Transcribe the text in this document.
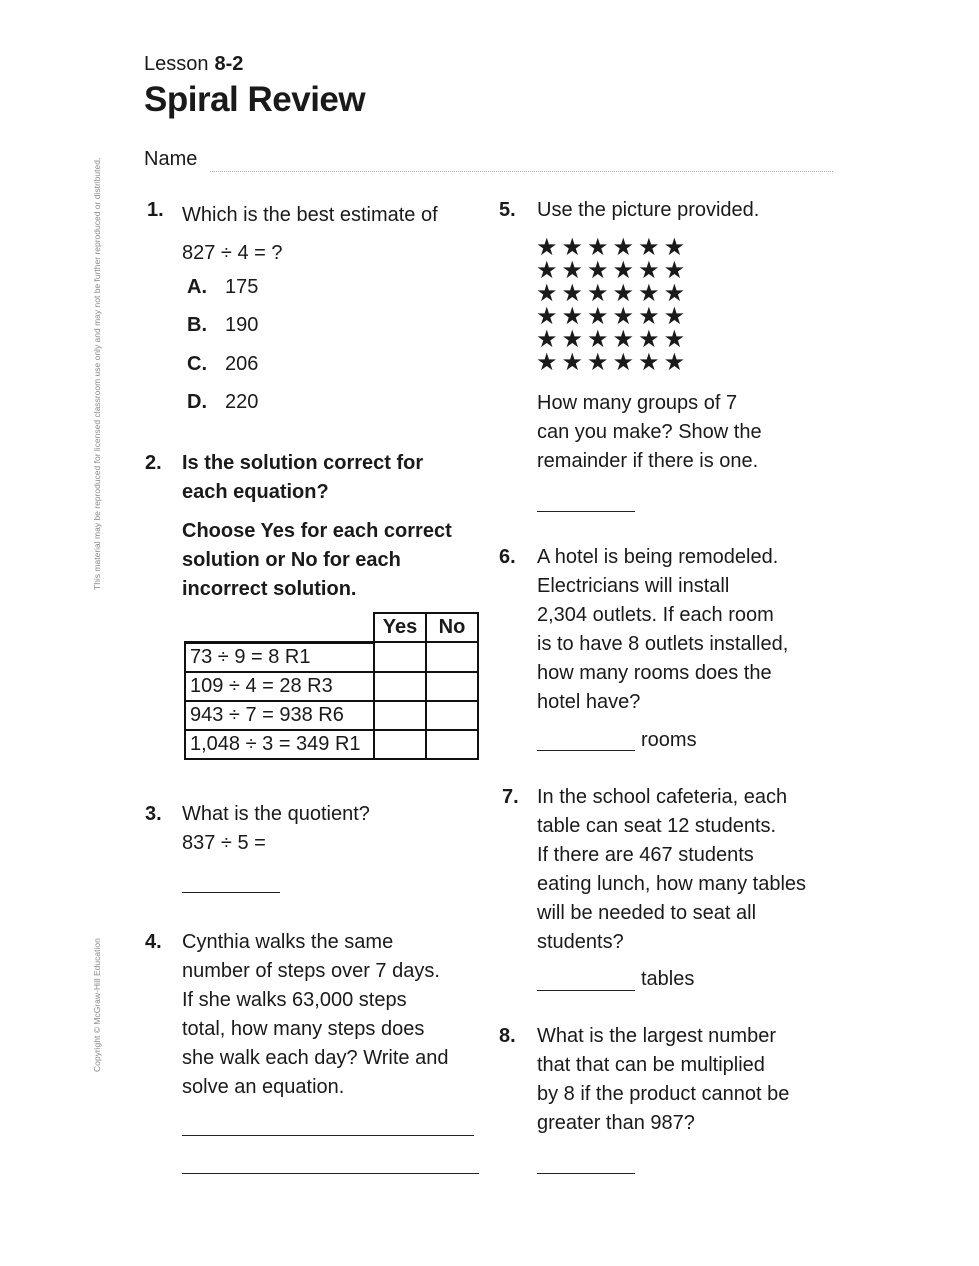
Lesson 8-2
Spiral Review
Name
This material may be reproduced for licensed classroom use only and may not be further reproduced or distributed.
Copyright © McGraw-Hill Education
1. Which is the best estimate of
827 ÷ 4 = ?
A. 175
B. 190
C. 206
D. 220
2. Is the solution correct for
each equation?
Choose Yes for each correct
solution or No for each
incorrect solution.
	Yes	No
73 ÷ 9 = 8 R1		
109 ÷ 4 = 28 R3		
943 ÷ 7 = 938 R6		
1,048 ÷ 3 = 349 R1		
3. What is the quotient?
837 ÷ 5 =
4. Cynthia walks the same
number of steps over 7 days.
If she walks 63,000 steps
total, how many steps does
she walk each day? Write and
solve an equation.
5. Use the picture provided.
★★★★★★
★★★★★★
★★★★★★
★★★★★★
★★★★★★
★★★★★★
How many groups of 7
can you make? Show the
remainder if there is one.
6. A hotel is being remodeled.
Electricians will install
2,304 outlets. If each room
is to have 8 outlets installed,
how many rooms does the
hotel have?
rooms
7. In the school cafeteria, each
table can seat 12 students.
If there are 467 students
eating lunch, how many tables
will be needed to seat all
students?
tables
8. What is the largest number
that that can be multiplied
by 8 if the product cannot be
greater than 987?
